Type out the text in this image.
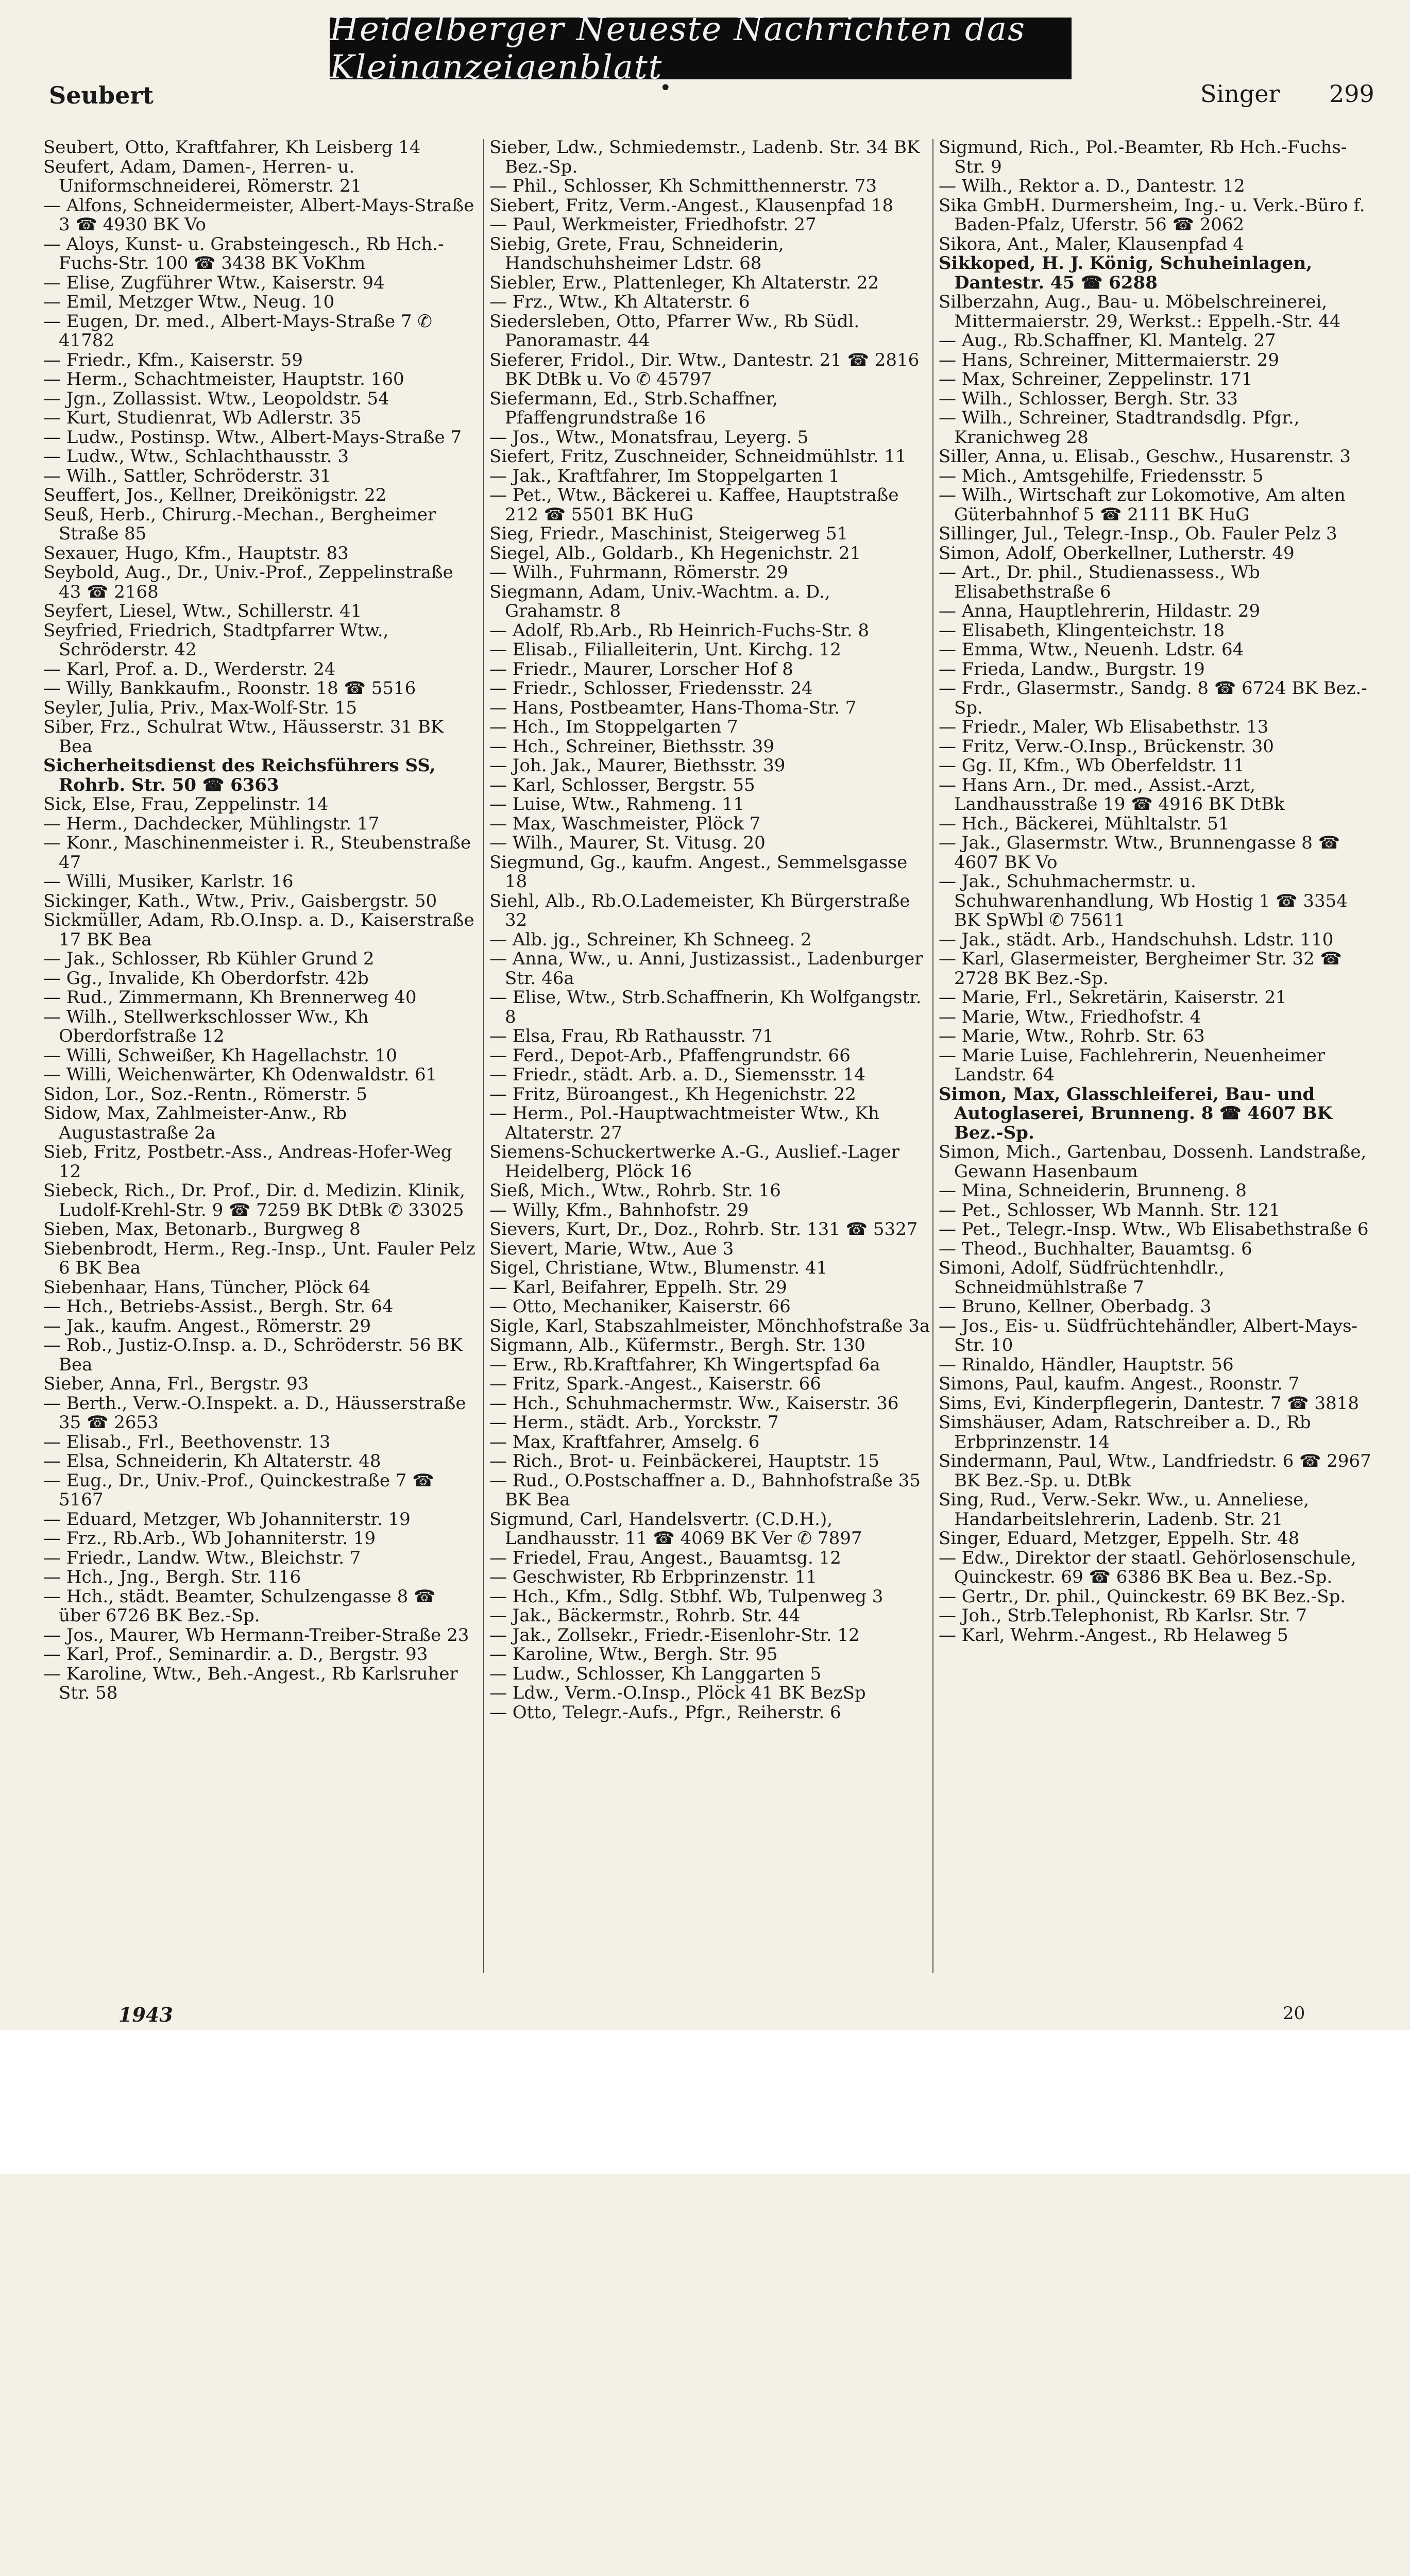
Heidelberger Neueste Nachrichten das Kleinanzeigenblatt
Seubert	•	Singer 299

Seubert, Otto, Kraftfahrer, Kh Leisberg 14

Seufert, Adam, Damen-, Herren- u. Uniformschneiderei, Römerstr. 21

— Alfons, Schneidermeister, Albert-Mays-Straße 3 ☎ 4930 BK Vo

— Aloys, Kunst- u. Grabsteingesch., Rb Hch.-Fuchs-Str. 100 ☎ 3438 BK VoKhm

— Elise, Zugführer Wtw., Kaiserstr. 94

— Emil, Metzger Wtw., Neug. 10

— Eugen, Dr. med., Albert-Mays-Straße 7 ✆ 41782

— Friedr., Kfm., Kaiserstr. 59

— Herm., Schachtmeister, Hauptstr. 160

— Jgn., Zollassist. Wtw., Leopoldstr. 54

— Kurt, Studienrat, Wb Adlerstr. 35

— Ludw., Postinsp. Wtw., Albert-Mays-Straße 7

— Ludw., Wtw., Schlachthausstr. 3

— Wilh., Sattler, Schröderstr. 31

Seuffert, Jos., Kellner, Dreikönigstr. 22

Seuß, Herb., Chirurg.-Mechan., Bergheimer Straße 85

Sexauer, Hugo, Kfm., Hauptstr. 83

Seybold, Aug., Dr., Univ.-Prof., Zeppelinstraße 43 ☎ 2168

Seyfert, Liesel, Wtw., Schillerstr. 41

Seyfried, Friedrich, Stadtpfarrer Wtw., Schröderstr. 42

— Karl, Prof. a. D., Werderstr. 24

— Willy, Bankkaufm., Roonstr. 18 ☎ 5516

Seyler, Julia, Priv., Max-Wolf-Str. 15

Siber, Frz., Schulrat Wtw., Häusserstr. 31 BK Bea

Sicherheitsdienst des Reichsführers SS, Rohrb. Str. 50 ☎ 6363

Sick, Else, Frau, Zeppelinstr. 14

— Herm., Dachdecker, Mühlingstr. 17

— Konr., Maschinenmeister i. R., Steubenstraße 47

— Willi, Musiker, Karlstr. 16

Sickinger, Kath., Wtw., Priv., Gaisbergstr. 50

Sickmüller, Adam, Rb.O.Insp. a. D., Kaiserstraße 17 BK Bea

— Jak., Schlosser, Rb Kühler Grund 2

— Gg., Invalide, Kh Oberdorfstr. 42b

— Rud., Zimmermann, Kh Brennerweg 40

— Wilh., Stellwerkschlosser Ww., Kh Oberdorfstraße 12

— Willi, Schweißer, Kh Hagellachstr. 10

— Willi, Weichenwärter, Kh Odenwaldstr. 61

Sidon, Lor., Soz.-Rentn., Römerstr. 5

Sidow, Max, Zahlmeister-Anw., Rb Augustastraße 2a

Sieb, Fritz, Postbetr.-Ass., Andreas-Hofer-Weg 12

Siebeck, Rich., Dr. Prof., Dir. d. Medizin. Klinik, Ludolf-Krehl-Str. 9 ☎ 7259 BK DtBk ✆ 33025

Sieben, Max, Betonarb., Burgweg 8

Siebenbrodt, Herm., Reg.-Insp., Unt. Fauler Pelz 6 BK Bea

Siebenhaar, Hans, Tüncher, Plöck 64

— Hch., Betriebs-Assist., Bergh. Str. 64

— Jak., kaufm. Angest., Römerstr. 29

— Rob., Justiz-O.Insp. a. D., Schröderstr. 56 BK Bea

Sieber, Anna, Frl., Bergstr. 93

— Berth., Verw.-O.Inspekt. a. D., Häusserstraße 35 ☎ 2653

— Elisab., Frl., Beethovenstr. 13

— Elsa, Schneiderin, Kh Altaterstr. 48

— Eug., Dr., Univ.-Prof., Quinckestraße 7 ☎ 5167

— Eduard, Metzger, Wb Johanniterstr. 19

— Frz., Rb.Arb., Wb Johanniterstr. 19

— Friedr., Landw. Wtw., Bleichstr. 7

— Hch., Jng., Bergh. Str. 116

— Hch., städt. Beamter, Schulzengasse 8 ☎ über 6726 BK Bez.-Sp.

— Jos., Maurer, Wb Hermann-Treiber-Straße 23

— Karl, Prof., Seminardir. a. D., Bergstr. 93

— Karoline, Wtw., Beh.-Angest., Rb Karlsruher Str. 58

Sieber, Ldw., Schmiedemstr., Ladenb. Str. 34 BK Bez.-Sp.

— Phil., Schlosser, Kh Schmitthennerstr. 73

Siebert, Fritz, Verm.-Angest., Klausenpfad 18

— Paul, Werkmeister, Friedhofstr. 27

Siebig, Grete, Frau, Schneiderin, Handschuhsheimer Ldstr. 68

Siebler, Erw., Plattenleger, Kh Altaterstr. 22

— Frz., Wtw., Kh Altaterstr. 6

Siedersleben, Otto, Pfarrer Ww., Rb Südl. Panoramastr. 44

Sieferer, Fridol., Dir. Wtw., Dantestr. 21 ☎ 2816 BK DtBk u. Vo ✆ 45797

Siefermann, Ed., Strb.Schaffner, Pfaffengrundstraße 16

— Jos., Wtw., Monatsfrau, Leyerg. 5

Siefert, Fritz, Zuschneider, Schneidmühlstr. 11

— Jak., Kraftfahrer, Im Stoppelgarten 1

— Pet., Wtw., Bäckerei u. Kaffee, Hauptstraße 212 ☎ 5501 BK HuG

Sieg, Friedr., Maschinist, Steigerweg 51

Siegel, Alb., Goldarb., Kh Hegenichstr. 21

— Wilh., Fuhrmann, Römerstr. 29

Siegmann, Adam, Univ.-Wachtm. a. D., Grahamstr. 8

— Adolf, Rb.Arb., Rb Heinrich-Fuchs-Str. 8

— Elisab., Filialleiterin, Unt. Kirchg. 12

— Friedr., Maurer, Lorscher Hof 8

— Friedr., Schlosser, Friedensstr. 24

— Hans, Postbeamter, Hans-Thoma-Str. 7

— Hch., Im Stoppelgarten 7

— Hch., Schreiner, Biethsstr. 39

— Joh. Jak., Maurer, Biethsstr. 39

— Karl, Schlosser, Bergstr. 55

— Luise, Wtw., Rahmeng. 11

— Max, Waschmeister, Plöck 7

— Wilh., Maurer, St. Vitusg. 20

Siegmund, Gg., kaufm. Angest., Semmelsgasse 18

Siehl, Alb., Rb.O.Lademeister, Kh Bürgerstraße 32

— Alb. jg., Schreiner, Kh Schneeg. 2

— Anna, Ww., u. Anni, Justizassist., Ladenburger Str. 46a

— Elise, Wtw., Strb.Schaffnerin, Kh Wolfgangstr. 8

— Elsa, Frau, Rb Rathausstr. 71

— Ferd., Depot-Arb., Pfaffengrundstr. 66

— Friedr., städt. Arb. a. D., Siemensstr. 14

— Fritz, Büroangest., Kh Hegenichstr. 22

— Herm., Pol.-Hauptwachtmeister Wtw., Kh Altaterstr. 27

Siemens-Schuckertwerke A.-G., Auslief.-Lager Heidelberg, Plöck 16

Sieß, Mich., Wtw., Rohrb. Str. 16

— Willy, Kfm., Bahnhofstr. 29

Sievers, Kurt, Dr., Doz., Rohrb. Str. 131 ☎ 5327

Sievert, Marie, Wtw., Aue 3

Sigel, Christiane, Wtw., Blumenstr. 41

— Karl, Beifahrer, Eppelh. Str. 29

— Otto, Mechaniker, Kaiserstr. 66

Sigle, Karl, Stabszahlmeister, Mönchhofstraße 3a

Sigmann, Alb., Küfermstr., Bergh. Str. 130

— Erw., Rb.Kraftfahrer, Kh Wingertspfad 6a

— Fritz, Spark.-Angest., Kaiserstr. 66

— Hch., Schuhmachermstr. Ww., Kaiserstr. 36

— Herm., städt. Arb., Yorckstr. 7

— Max, Kraftfahrer, Amselg. 6

— Rich., Brot- u. Feinbäckerei, Hauptstr. 15

— Rud., O.Postschaffner a. D., Bahnhofstraße 35 BK Bea

Sigmund, Carl, Handelsvertr. (C.D.H.), Landhausstr. 11 ☎ 4069 BK Ver ✆ 7897

— Friedel, Frau, Angest., Bauamtsg. 12

— Geschwister, Rb Erbprinzenstr. 11

— Hch., Kfm., Sdlg. Stbhf. Wb, Tulpenweg 3

— Jak., Bäckermstr., Rohrb. Str. 44

— Jak., Zollsekr., Friedr.-Eisenlohr-Str. 12

— Karoline, Wtw., Bergh. Str. 95

— Ludw., Schlosser, Kh Langgarten 5

— Ldw., Verm.-O.Insp., Plöck 41 BK BezSp

— Otto, Telegr.-Aufs., Pfgr., Reiherstr. 6

Sigmund, Rich., Pol.-Beamter, Rb Hch.-Fuchs-Str. 9

— Wilh., Rektor a. D., Dantestr. 12

Sika GmbH. Durmersheim, Ing.- u. Verk.-Büro f. Baden-Pfalz, Uferstr. 56 ☎ 2062

Sikora, Ant., Maler, Klausenpfad 4

Sikkoped, H. J. König, Schuheinlagen, Dantestr. 45 ☎ 6288

Silberzahn, Aug., Bau- u. Möbelschreinerei, Mittermaierstr. 29, Werkst.: Eppelh.-Str. 44

— Aug., Rb.Schaffner, Kl. Mantelg. 27

— Hans, Schreiner, Mittermaierstr. 29

— Max, Schreiner, Zeppelinstr. 171

— Wilh., Schlosser, Bergh. Str. 33

— Wilh., Schreiner, Stadtrandsdlg. Pfgr., Kranichweg 28

Siller, Anna, u. Elisab., Geschw., Husarenstr. 3

— Mich., Amtsgehilfe, Friedensstr. 5

— Wilh., Wirtschaft zur Lokomotive, Am alten Güterbahnhof 5 ☎ 2111 BK HuG

Sillinger, Jul., Telegr.-Insp., Ob. Fauler Pelz 3

Simon, Adolf, Oberkellner, Lutherstr. 49

— Art., Dr. phil., Studienassess., Wb Elisabethstraße 6

— Anna, Hauptlehrerin, Hildastr. 29

— Elisabeth, Klingenteichstr. 18

— Emma, Wtw., Neuenh. Ldstr. 64

— Frieda, Landw., Burgstr. 19

— Frdr., Glasermstr., Sandg. 8 ☎ 6724 BK Bez.-Sp.

— Friedr., Maler, Wb Elisabethstr. 13

— Fritz, Verw.-O.Insp., Brückenstr. 30

— Gg. II, Kfm., Wb Oberfeldstr. 11

— Hans Arn., Dr. med., Assist.-Arzt, Landhausstraße 19 ☎ 4916 BK DtBk

— Hch., Bäckerei, Mühltalstr. 51

— Jak., Glasermstr. Wtw., Brunnengasse 8 ☎ 4607 BK Vo

— Jak., Schuhmachermstr. u. Schuhwarenhandlung, Wb Hostig 1 ☎ 3354 BK SpWbl ✆ 75611

— Jak., städt. Arb., Handschuhsh. Ldstr. 110

— Karl, Glasermeister, Bergheimer Str. 32 ☎ 2728 BK Bez.-Sp.

— Marie, Frl., Sekretärin, Kaiserstr. 21

— Marie, Wtw., Friedhofstr. 4

— Marie, Wtw., Rohrb. Str. 63

— Marie Luise, Fachlehrerin, Neuenheimer Landstr. 64

Simon, Max, Glasschleiferei, Bau- und Autoglaserei, Brunneng. 8 ☎ 4607 BK Bez.-Sp.

Simon, Mich., Gartenbau, Dossenh. Landstraße, Gewann Hasenbaum

— Mina, Schneiderin, Brunneng. 8

— Pet., Schlosser, Wb Mannh. Str. 121

— Pet., Telegr.-Insp. Wtw., Wb Elisabethstraße 6

— Theod., Buchhalter, Bauamtsg. 6

Simoni, Adolf, Südfrüchtenhdlr., Schneidmühlstraße 7

— Bruno, Kellner, Oberbadg. 3

— Jos., Eis- u. Südfrüchtehändler, Albert-Mays-Str. 10

— Rinaldo, Händler, Hauptstr. 56

Simons, Paul, kaufm. Angest., Roonstr. 7

Sims, Evi, Kinderpflegerin, Dantestr. 7 ☎ 3818

Simshäuser, Adam, Ratschreiber a. D., Rb Erbprinzenstr. 14

Sindermann, Paul, Wtw., Landfriedstr. 6 ☎ 2967 BK Bez.-Sp. u. DtBk

Sing, Rud., Verw.-Sekr. Ww., u. Anneliese, Handarbeitslehrerin, Ladenb. Str. 21

Singer, Eduard, Metzger, Eppelh. Str. 48

— Edw., Direktor der staatl. Gehörlosenschule, Quinckestr. 69 ☎ 6386 BK Bea u. Bez.-Sp.

— Gertr., Dr. phil., Quinckestr. 69 BK Bez.-Sp.

— Joh., Strb.Telephonist, Rb Karlsr. Str. 7

— Karl, Wehrm.-Angest., Rb Helaweg 5

1943	20
